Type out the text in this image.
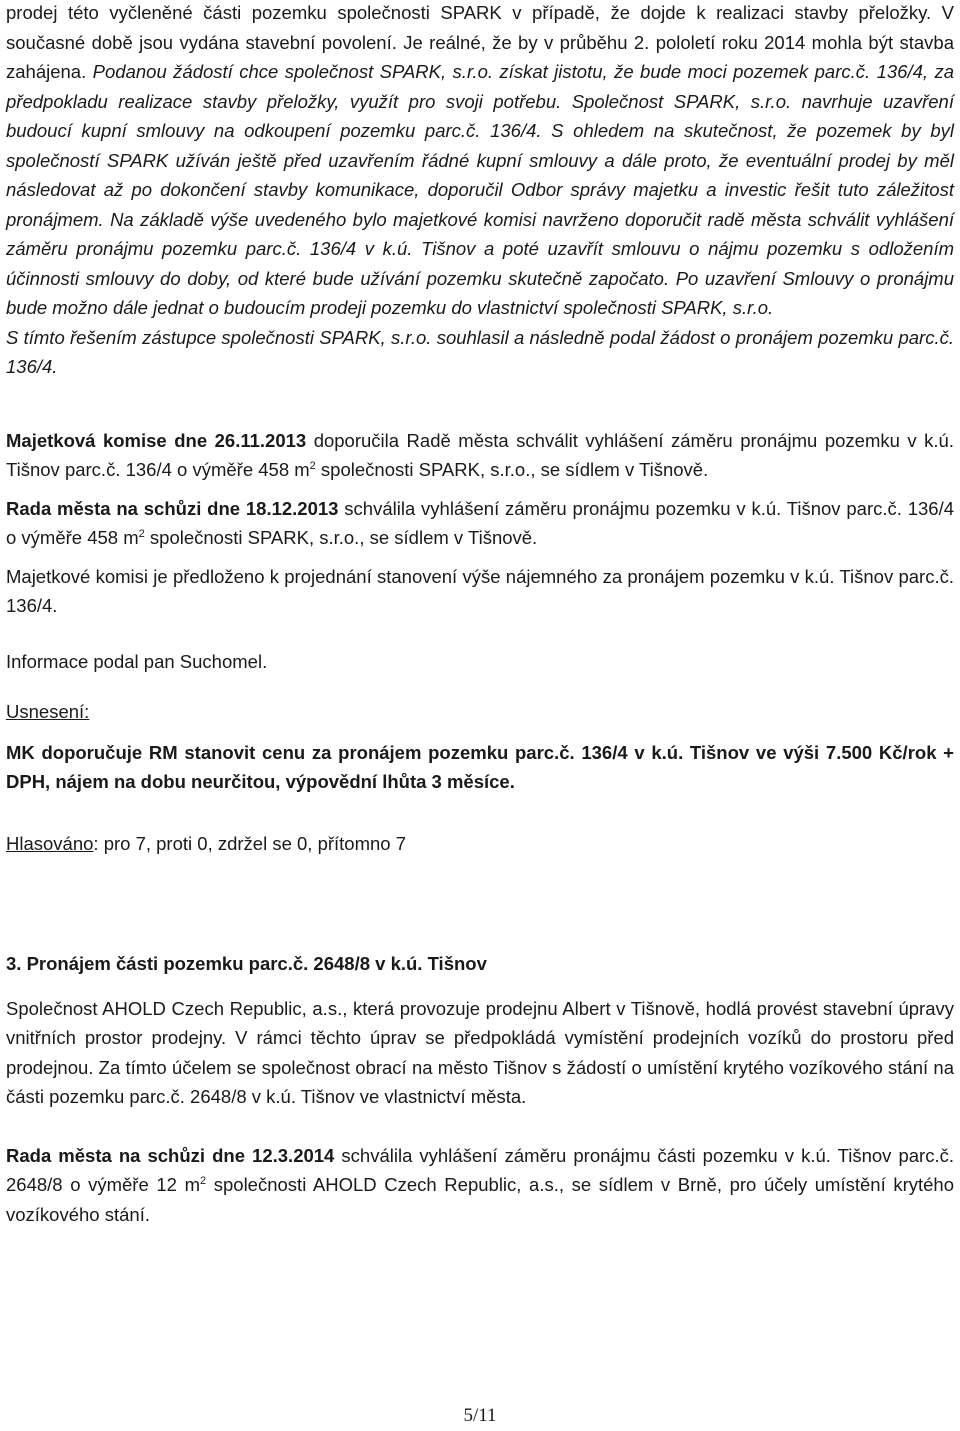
prodej této vyčleněné části pozemku společnosti SPARK v případě, že dojde k realizaci stavby přeložky. V současné době jsou vydána stavební povolení. Je reálné, že by v průběhu 2. pololetí roku 2014 mohla být stavba zahájena. Podanou žádostí chce společnost SPARK, s.r.o. získat jistotu, že bude moci pozemek parc.č. 136/4, za předpokladu realizace stavby přeložky, využít pro svoji potřebu. Společnost SPARK, s.r.o. navrhuje uzavření budoucí kupní smlouvy na odkoupení pozemku parc.č. 136/4. S ohledem na skutečnost, že pozemek by byl společností SPARK užíván ještě před uzavřením řádné kupní smlouvy a dále proto, že eventuální prodej by měl následovat až po dokončení stavby komunikace, doporučil Odbor správy majetku a investic řešit tuto záležitost pronájmem. Na základě výše uvedeného bylo majetkové komisi navrženo doporučit radě města schválit vyhlášení záměru pronájmu pozemku parc.č. 136/4 v k.ú. Tišnov a poté uzavřít smlouvu o nájmu pozemku s odložením účinnosti smlouvy do doby, od které bude užívání pozemku skutečně započato. Po uzavření Smlouvy o pronájmu bude možno dále jednat o budoucím prodeji pozemku do vlastnictví společnosti SPARK, s.r.o.

S tímto řešením zástupce společnosti SPARK, s.r.o. souhlasil a následně podal žádost o pronájem pozemku parc.č. 136/4.

Majetková komise dne 26.11.2013 doporučila Radě města schválit vyhlášení záměru pronájmu pozemku v k.ú. Tišnov parc.č. 136/4 o výměře 458 $m^2$ společnosti SPARK, s.r.o., se sídlem v Tišnově.

Rada města na schůzi dne 18.12.2013 schválila vyhlášení záměru pronájmu pozemku v k.ú. Tišnov parc.č. 136/4 o výměře 458 $m^2$ společnosti SPARK, s.r.o., se sídlem v Tišnově.

Majetkové komisi je předloženo k projednání stanovení výše nájemného za pronájem pozemku v k.ú. Tišnov parc.č. 136/4.

Informace podal pan Suchomel.

Usnesení:

MK doporučuje RM stanovit cenu za pronájem pozemku parc.č. 136/4 v k.ú. Tišnov ve výši 7.500 Kč/rok + DPH, nájem na dobu neurčitou, výpovědní lhůta 3 měsíce.

Hlasováno: pro 7, proti 0, zdržel se 0, přítomno 7

3. Pronájem části pozemku parc.č. 2648/8 v k.ú. Tišnov

Společnost AHOLD Czech Republic, a.s., která provozuje prodejnu Albert v Tišnově, hodlá provést stavební úpravy vnitřních prostor prodejny. V rámci těchto úprav se předpokládá vymístění prodejních vozíků do prostoru před prodejnou. Za tímto účelem se společnost obrací na město Tišnov s žádostí o umístění krytého vozíkového stání na části pozemku parc.č. 2648/8 v k.ú. Tišnov ve vlastnictví města.

Rada města na schůzi dne 12.3.2014 schválila vyhlášení záměru pronájmu části pozemku v k.ú. Tišnov parc.č. 2648/8 o výměře 12 $m^2$ společnosti AHOLD Czech Republic, a.s., se sídlem v Brně, pro účely umístění krytého vozíkového stání.

5/11
